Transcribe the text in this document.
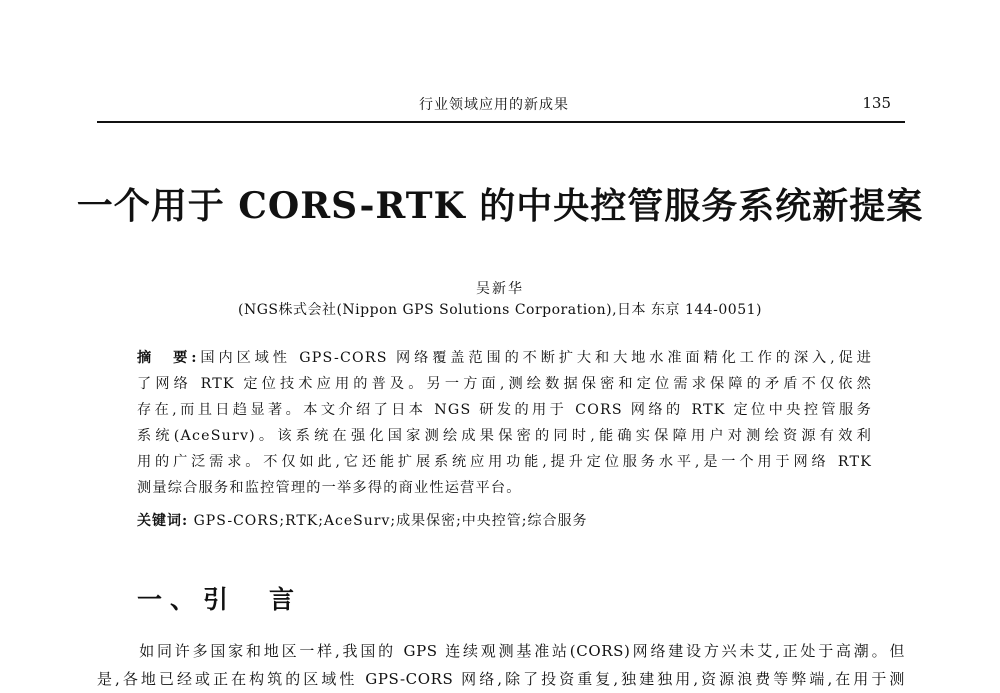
行业领域应用的新成果	135
一个用于 CORS-RTK 的中央控管服务系统新提案
吴新华
(NGS株式会社(Nippon GPS Solutions Corporation),日本 东京 144-0051)
摘　要:国内区域性 GPS-CORS 网络覆盖范围的不断扩大和大地水准面精化工作的深入,促进
了网络 RTK 定位技术应用的普及。另一方面,测绘数据保密和定位需求保障的矛盾不仅依然
存在,而且日趋显著。本文介绍了日本 NGS 研发的用于 CORS 网络的 RTK 定位中央控管服务
系统(AceSurv)。该系统在强化国家测绘成果保密的同时,能确实保障用户对测绘资源有效利
用的广泛需求。不仅如此,它还能扩展系统应用功能,提升定位服务水平,是一个用于网络 RTK
测量综合服务和监控管理的一举多得的商业性运营平台。
关键词: GPS-CORS;RTK;AceSurv;成果保密;中央控管;综合服务
一、引　言
如同许多国家和地区一样,我国的 GPS 连续观测基准站(CORS)网络建设方兴未艾,正处于高潮。但
是,各地已经或正在构筑的区域性 GPS-CORS 网络,除了投资重复,独建独用,资源浪费等弊端,在用于测
